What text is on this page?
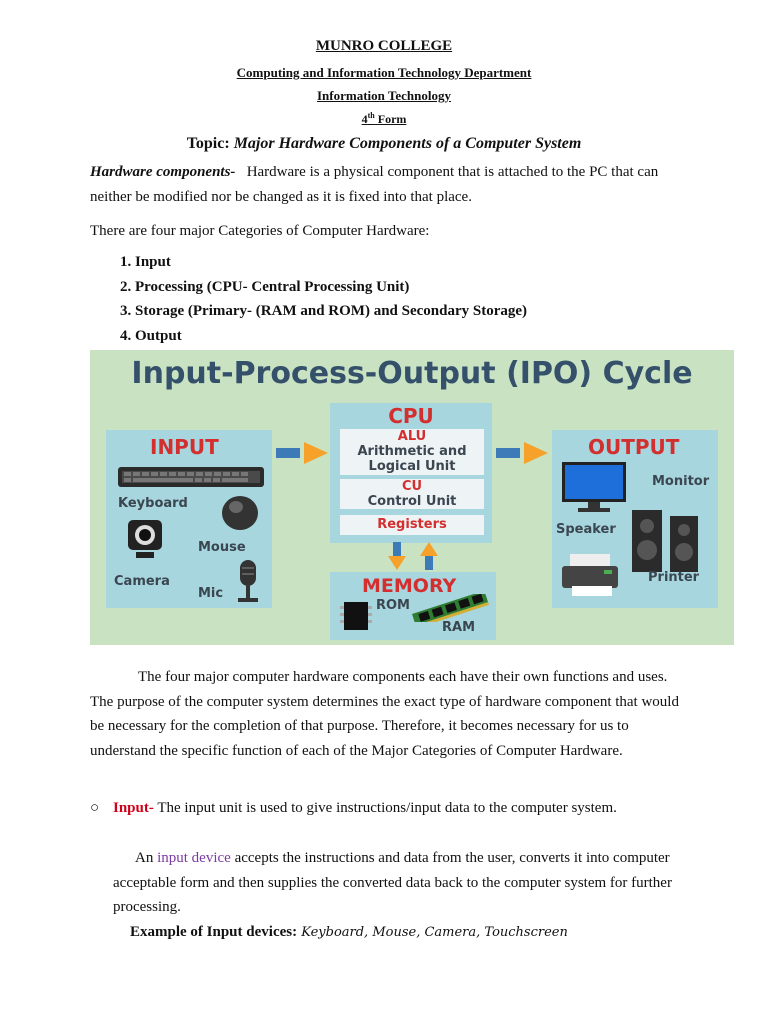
MUNRO COLLEGE
Computing and Information Technology Department
Information Technology
4th Form
Topic: Major Hardware Components of a Computer System
Hardware components-   Hardware is a physical component that is attached to the PC that can neither be modified nor be changed as it is fixed into that place.
There are four major Categories of Computer Hardware:
1. Input
2. Processing (CPU- Central Processing Unit)
3. Storage (Primary- (RAM and ROM) and Secondary Storage)
4. Output
Input-Process-Output (IPO) Cycle
INPUT
Keyboard
Mouse
Camera
Mic
CPU
ALU
Arithmetic and
Logical Unit
CU
Control Unit
Registers
MEMORY
ROM
RAM
OUTPUT
Monitor
Speaker
Printer
The four major computer hardware components each have their own functions and uses. The purpose of the computer system determines the exact type of hardware component that would be necessary for the completion of that purpose. Therefore, it becomes necessary for us to understand the specific function of each of the Major Categories of Computer Hardware.
○ Input- The input unit is used to give instructions/input data to the computer system.
An input device accepts the instructions and data from the user, converts it into computer acceptable form and then supplies the converted data back to the computer system for further processing.
Example of Input devices: Keyboard, Mouse, Camera, Touchscreen
